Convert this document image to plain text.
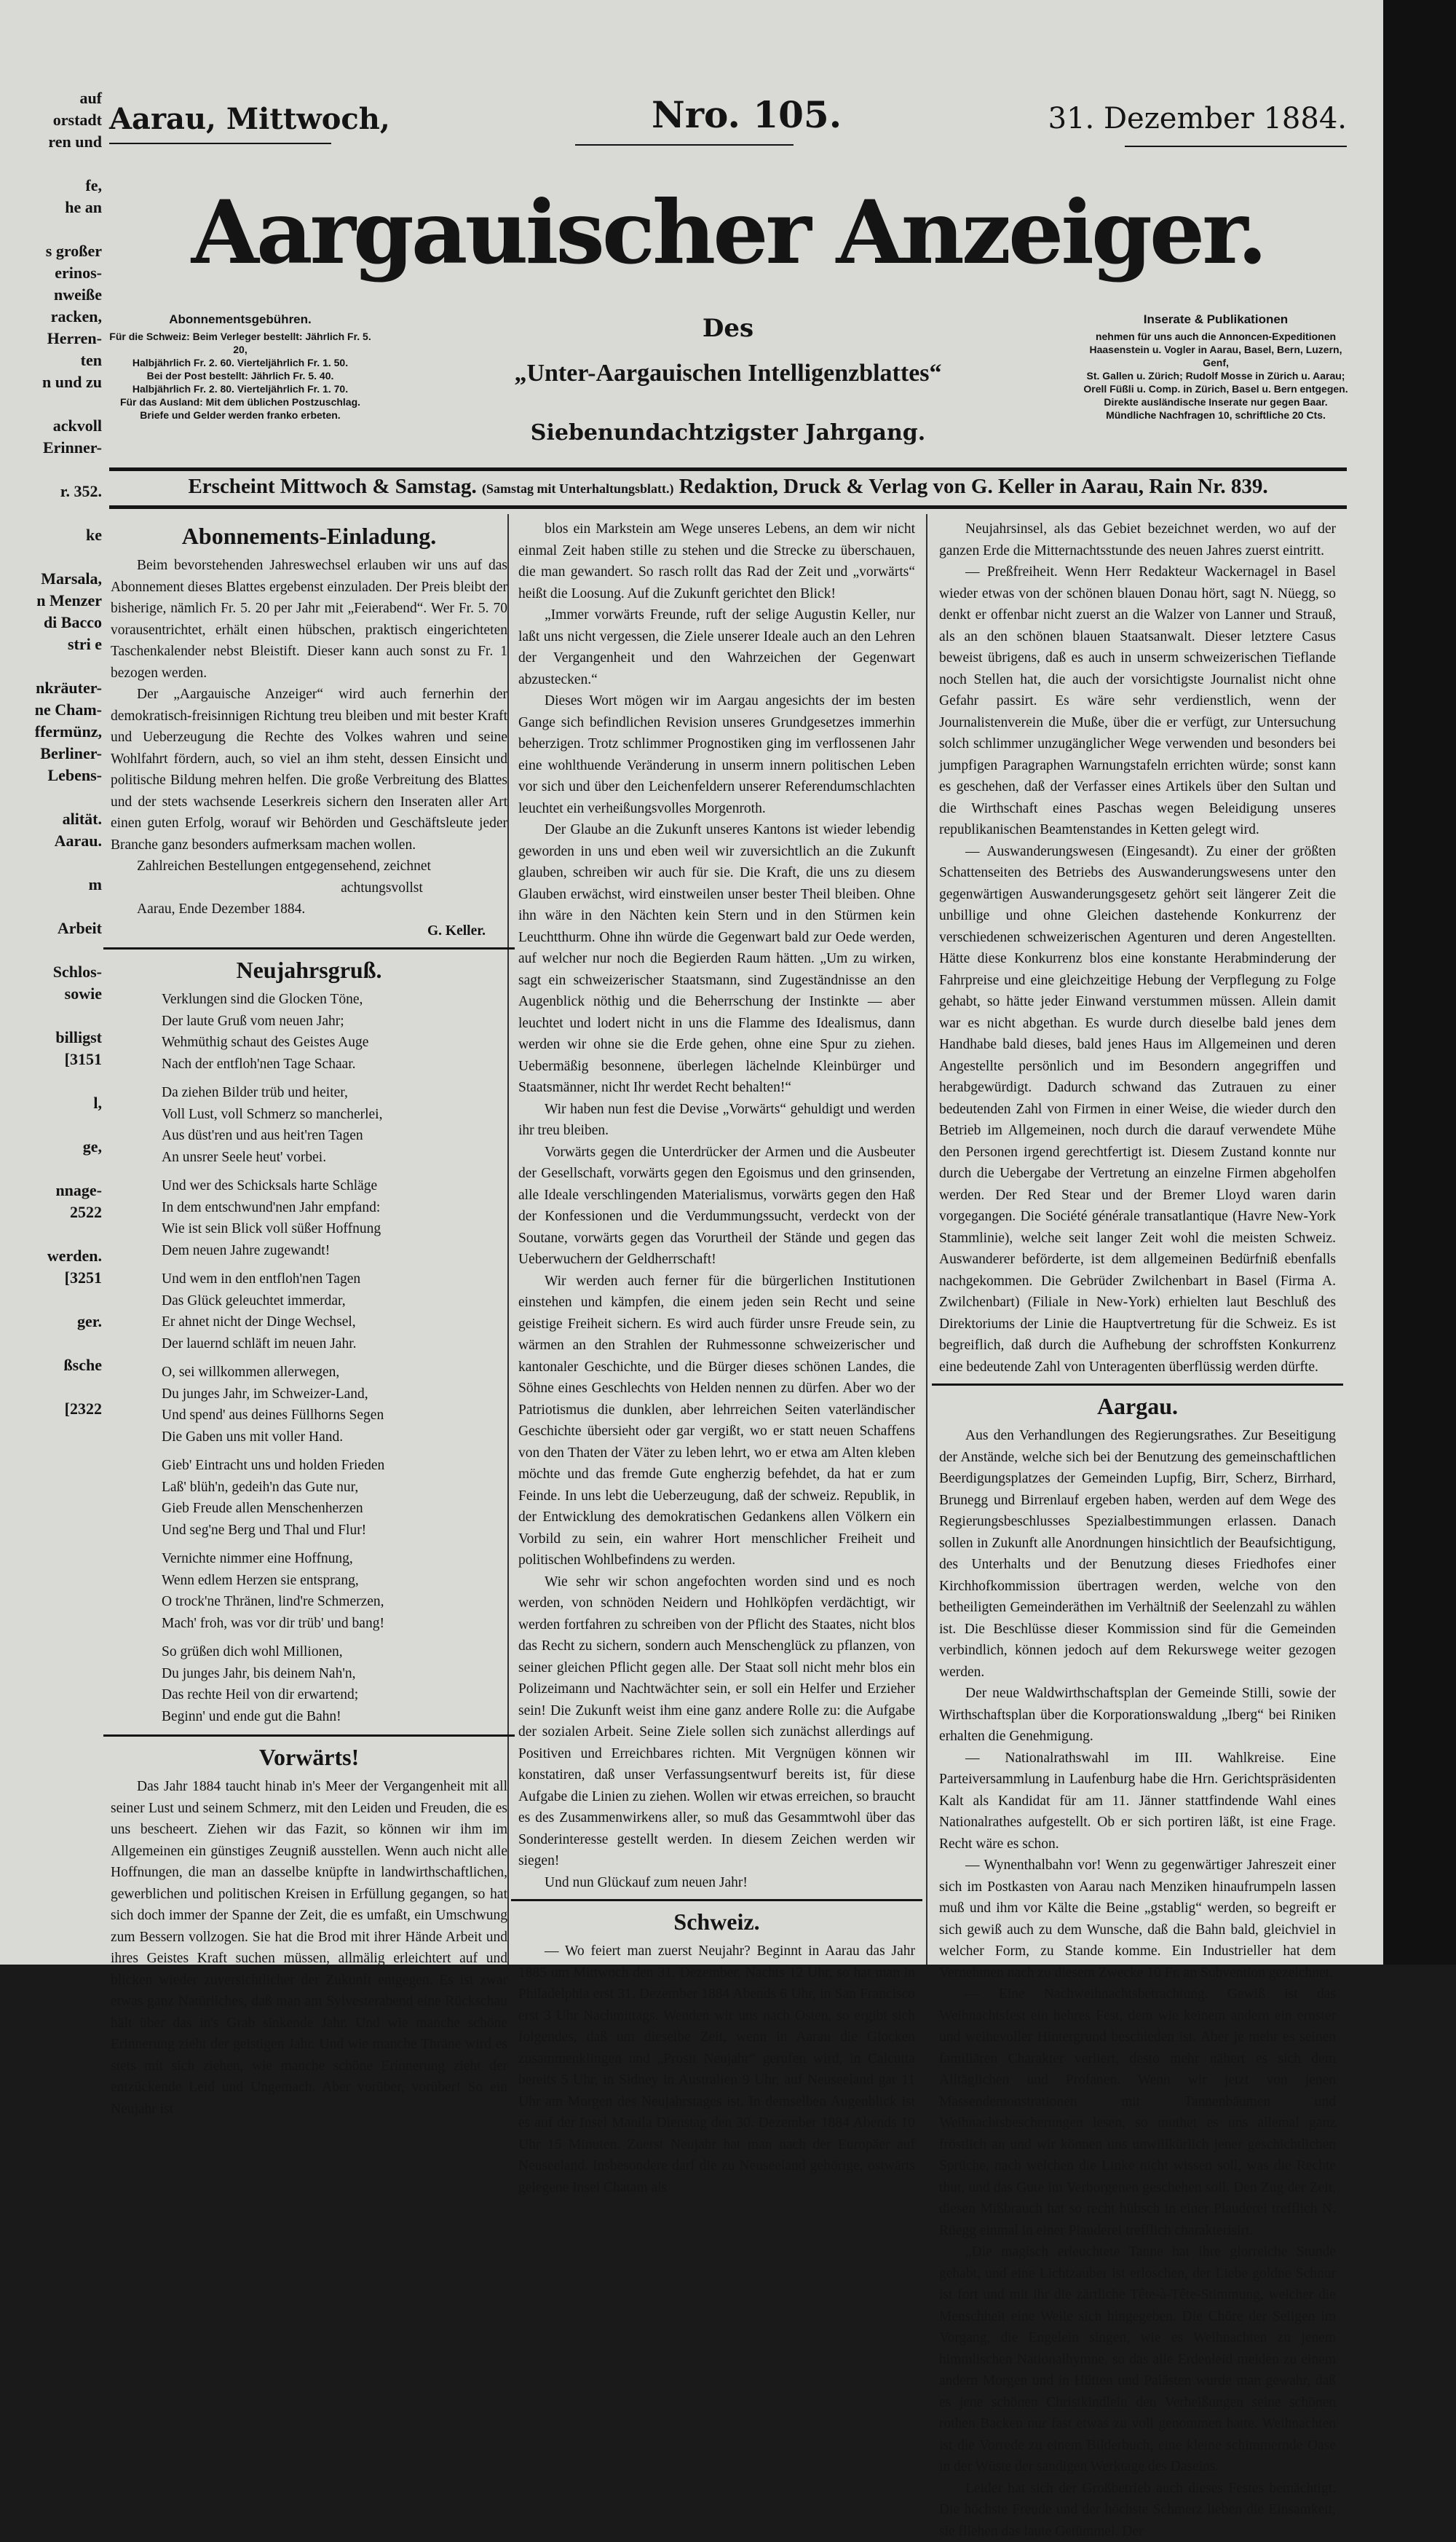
auf
orstadt
ren und
fe,
he an
s großer
erinos-
nweiße
racken,
Herren-
ten
n und zu
ackvoll
Erinner-
r. 352.
ke
Marsala,
n Menzer
di Bacco
stri e
nkräuter-
ne Cham-
ffermünz,
Berliner-
Lebens-
alität.
Aarau.
m
Arbeit
Schlos-
sowie
billigst
[3151
l,
ge,
nnage-
2522
werden.
[3251
ger.
ßsche
[2322
Aarau, Mittwoch,	Nro. 105.	31. Dezember 1884.
Aargauischer Anzeiger.
Abonnementsgebühren.
Für die Schweiz: Beim Verleger bestellt: Jährlich Fr. 5. 20,
Halbjährlich Fr. 2. 60. Vierteljährlich Fr. 1. 50.
Bei der Post bestellt: Jährlich Fr. 5. 40.
Halbjährlich Fr. 2. 80. Vierteljährlich Fr. 1. 70.
Für das Ausland: Mit dem üblichen Postzuschlag.
Briefe und Gelder werden franko erbeten.
Des
„Unter-Aargauischen Intelligenzblattes“
Siebenundachtzigster Jahrgang.
Inserate & Publikationen
nehmen für uns auch die Annoncen-Expeditionen Haasenstein u. Vogler in Aarau, Basel, Bern, Luzern, Genf,
St. Gallen u. Zürich; Rudolf Mosse in Zürich u. Aarau;
Orell Füßli u. Comp. in Zürich, Basel u. Bern entgegen.
Direkte ausländische Inserate nur gegen Baar.
Mündliche Nachfragen 10, schriftliche 20 Cts.
Erscheint Mittwoch & Samstag. (Samstag mit Unterhaltungsblatt.) Redaktion, Druck & Verlag von G. Keller in Aarau, Rain Nr. 839.
Abonnements-Einladung.

Beim bevorstehenden Jahreswechsel erlauben wir uns auf das Abonnement dieses Blattes ergebenst einzuladen. Der Preis bleibt der bisherige, nämlich Fr. 5. 20 per Jahr mit „Feierabend“. Wer Fr. 5. 70 vorausentrichtet, erhält einen hübschen, praktisch eingerichteten Taschenkalender nebst Bleistift. Dieser kann auch sonst zu Fr. 1 bezogen werden.

Der „Aargauische Anzeiger“ wird auch fernerhin der demokratisch-freisinnigen Richtung treu bleiben und mit bester Kraft und Ueberzeugung die Rechte des Volkes wahren und seine Wohlfahrt fördern, auch, so viel an ihm steht, dessen Einsicht und politische Bildung mehren helfen. Die große Verbreitung des Blattes und der stets wachsende Leserkreis sichern den Inseraten aller Art einen guten Erfolg, worauf wir Behörden und Geschäftsleute jeder Branche ganz besonders aufmerksam machen wollen.

Zahlreichen Bestellungen entgegensehend, zeichnet

achtungsvollst

Aarau, Ende Dezember 1884.

G. Keller.

Neujahrsgruß.

Verklungen sind die Glocken Töne,

Der laute Gruß vom neuen Jahr;

Wehmüthig schaut des Geistes Auge

Nach der entfloh'nen Tage Schaar.

Da ziehen Bilder trüb und heiter,

Voll Lust, voll Schmerz so mancherlei,

Aus düst'ren und aus heit'ren Tagen

An unsrer Seele heut' vorbei.

Und wer des Schicksals harte Schläge

In dem entschwund'nen Jahr empfand:

Wie ist sein Blick voll süßer Hoffnung

Dem neuen Jahre zugewandt!

Und wem in den entfloh'nen Tagen

Das Glück geleuchtet immerdar,

Er ahnet nicht der Dinge Wechsel,

Der lauernd schläft im neuen Jahr.

O, sei willkommen allerwegen,

Du junges Jahr, im Schweizer-Land,

Und spend' aus deines Füllhorns Segen

Die Gaben uns mit voller Hand.

Gieb' Eintracht uns und holden Frieden

Laß' blüh'n, gedeih'n das Gute nur,

Gieb Freude allen Menschenherzen

Und seg'ne Berg und Thal und Flur!

Vernichte nimmer eine Hoffnung,

Wenn edlem Herzen sie entsprang,

O trock'ne Thränen, lind're Schmerzen,

Mach' froh, was vor dir trüb' und bang!

So grüßen dich wohl Millionen,

Du junges Jahr, bis deinem Nah'n,

Das rechte Heil von dir erwartend;

Beginn' und ende gut die Bahn!

Vorwärts!

Das Jahr 1884 taucht hinab in's Meer der Vergangenheit mit all seiner Lust und seinem Schmerz, mit den Leiden und Freuden, die es uns bescheert. Ziehen wir das Fazit, so können wir ihm im Allgemeinen ein günstiges Zeugniß ausstellen. Wenn auch nicht alle Hoffnungen, die man an dasselbe knüpfte in landwirthschaftlichen, gewerblichen und politischen Kreisen in Erfüllung gegangen, so hat sich doch immer der Spanne der Zeit, die es umfaßt, ein Umschwung zum Bessern vollzogen. Sie hat die Brod mit ihrer Hände Arbeit und ihres Geistes Kraft suchen müssen, allmälig erleichtert auf und blicken wieder zuversichtlicher der Zukunft entgegen. Es ist zwar etwas ganz Natürliches, daß man am Sylvesterabend eine Rückschau hält über das in's Grab sinkende Jahr. Und wie manche schöne Erinnerung zieht der geistigen Jahr. Und wie manche Thräne wird es stets mit sich ziehen, wie manche schöne Erinnerung zieht der entzückende Leid und Ungemach. Aber vorüber, vorüber! So ein Neujahr ist

blos ein Markstein am Wege unseres Lebens, an dem wir nicht einmal Zeit haben stille zu stehen und die Strecke zu überschauen, die man gewandert. So rasch rollt das Rad der Zeit und „vorwärts“ heißt die Loosung. Auf die Zukunft gerichtet den Blick!

„Immer vorwärts Freunde, ruft der selige Augustin Keller, nur laßt uns nicht vergessen, die Ziele unserer Ideale auch an den Lehren der Vergangenheit und den Wahrzeichen der Gegenwart abzustecken.“

Dieses Wort mögen wir im Aargau angesichts der im besten Gange sich befindlichen Revision unseres Grundgesetzes immerhin beherzigen. Trotz schlimmer Prognostiken ging im verflossenen Jahr eine wohlthuende Veränderung in unserm innern politischen Leben vor sich und über den Leichenfeldern unserer Referendumschlachten leuchtet ein verheißungsvolles Morgenroth.

Der Glaube an die Zukunft unseres Kantons ist wieder lebendig geworden in uns und eben weil wir zuversichtlich an die Zukunft glauben, schreiben wir auch für sie. Die Kraft, die uns zu diesem Glauben erwächst, wird einstweilen unser bester Theil bleiben. Ohne ihn wäre in den Nächten kein Stern und in den Stürmen kein Leuchtthurm. Ohne ihn würde die Gegenwart bald zur Oede werden, auf welcher nur noch die Begierden Raum hätten. „Um zu wirken, sagt ein schweizerischer Staatsmann, sind Zugeständnisse an den Augenblick nöthig und die Beherrschung der Instinkte — aber leuchtet und lodert nicht in uns die Flamme des Idealismus, dann werden wir ohne sie die Erde gehen, ohne eine Spur zu ziehen. Uebermäßig besonnene, überlegen lächelnde Kleinbürger und Staatsmänner, nicht Ihr werdet Recht behalten!“

Wir haben nun fest die Devise „Vorwärts“ gehuldigt und werden ihr treu bleiben.

Vorwärts gegen die Unterdrücker der Armen und die Ausbeuter der Gesellschaft, vorwärts gegen den Egoismus und den grinsenden, alle Ideale verschlingenden Materialismus, vorwärts gegen den Haß der Konfessionen und die Verdummungssucht, verdeckt von der Soutane, vorwärts gegen das Vorurtheil der Stände und gegen das Ueberwuchern der Geldherrschaft!

Wir werden auch ferner für die bürgerlichen Institutionen einstehen und kämpfen, die einem jeden sein Recht und seine geistige Freiheit sichern. Es wird auch fürder unsre Freude sein, zu wärmen an den Strahlen der Ruhmessonne schweizerischer und kantonaler Geschichte, und die Bürger dieses schönen Landes, die Söhne eines Geschlechts von Helden nennen zu dürfen. Aber wo der Patriotismus die dunklen, aber lehrreichen Seiten vaterländischer Geschichte übersieht oder gar vergißt, wo er statt neuen Schaffens von den Thaten der Väter zu leben lehrt, wo er etwa am Alten kleben möchte und das fremde Gute engherzig befehdet, da hat er zum Feinde. In uns lebt die Ueberzeugung, daß der schweiz. Republik, in der Entwicklung des demokratischen Gedankens allen Völkern ein Vorbild zu sein, ein wahrer Hort menschlicher Freiheit und politischen Wohlbefindens zu werden.

Wie sehr wir schon angefochten worden sind und es noch werden, von schnöden Neidern und Hohlköpfen verdächtigt, wir werden fortfahren zu schreiben von der Pflicht des Staates, nicht blos das Recht zu sichern, sondern auch Menschenglück zu pflanzen, von seiner gleichen Pflicht gegen alle. Der Staat soll nicht mehr blos ein Polizeimann und Nachtwächter sein, er soll ein Helfer und Erzieher sein! Die Zukunft weist ihm eine ganz andere Rolle zu: die Aufgabe der sozialen Arbeit. Seine Ziele sollen sich zunächst allerdings auf Positiven und Erreichbares richten. Mit Vergnügen können wir konstatiren, daß unser Verfassungsentwurf bereits ist, für diese Aufgabe die Linien zu ziehen. Wollen wir etwas erreichen, so braucht es des Zusammenwirkens aller, so muß das Gesammtwohl über das Sonderinteresse gestellt werden. In diesem Zeichen werden wir siegen!

Und nun Glückauf zum neuen Jahr!

Schweiz.

— Wo feiert man zuerst Neujahr? Beginnt in Aarau das Jahr 1885 um Mittwoch den 31. Dezember, Nachts 12 Uhr, so hat man in Philadelphia erst 31. Dezember 1884 Abends 6 Uhr, in San Francisco erst 3 Uhr Nachmittags. Wenden wir uns nach Osten, so ergibt sich folgendes, daß um dieselbe Zeit, wenn in Aarau die Glocken zusammenklingen und „Prosit Neujahr“ gerufen wird, in Calcutta bereits 5 Uhr, in Sidney in Australien 9 Uhr, auf Neuseeland gar 11 Uhr am Morgen des Neujahrstages ist. In demselben Augenblick ist es auf der Insel Manila Dienstag den 30. Dezember 1884 Abends 10 Uhr 15 Minuten. Zuerst Neujahr hat man nach der Europäer auf Neuseeland. Insbesondere darf die zu Neuseeland gehörige, ostwärts gelegene Insel Chatam als

Neujahrsinsel, als das Gebiet bezeichnet werden, wo auf der ganzen Erde die Mitternachtsstunde des neuen Jahres zuerst eintritt.

— Preßfreiheit. Wenn Herr Redakteur Wackernagel in Basel wieder etwas von der schönen blauen Donau hört, sagt N. Nüegg, so denkt er offenbar nicht zuerst an die Walzer von Lanner und Strauß, als an den schönen blauen Staatsanwalt. Dieser letztere Casus beweist übrigens, daß es auch in unserm schweizerischen Tieflande noch Stellen hat, die auch der vorsichtigste Journalist nicht ohne Gefahr passirt. Es wäre sehr verdienstlich, wenn der Journalistenverein die Muße, über die er verfügt, zur Untersuchung solch schlimmer unzugänglicher Wege verwenden und besonders bei jumpfigen Paragraphen Warnungstafeln errichten würde; sonst kann es geschehen, daß der Verfasser eines Artikels über den Sultan und die Wirthschaft eines Paschas wegen Beleidigung unseres republikanischen Beamtenstandes in Ketten gelegt wird.

— Auswanderungswesen (Eingesandt). Zu einer der größten Schattenseiten des Betriebs des Auswanderungswesens unter den gegenwärtigen Auswanderungsgesetz gehört seit längerer Zeit die unbillige und ohne Gleichen dastehende Konkurrenz der verschiedenen schweizerischen Agenturen und deren Angestellten. Hätte diese Konkurrenz blos eine konstante Herabminderung der Fahrpreise und eine gleichzeitige Hebung der Verpflegung zu Folge gehabt, so hätte jeder Einwand verstummen müssen. Allein damit war es nicht abgethan. Es wurde durch dieselbe bald jenes dem Handhabe bald dieses, bald jenes Haus im Allgemeinen und deren Angestellte persönlich und im Besondern angegriffen und herabgewürdigt. Dadurch schwand das Zutrauen zu einer bedeutenden Zahl von Firmen in einer Weise, die wieder durch den Betrieb im Allgemeinen, noch durch die darauf verwendete Mühe den Personen irgend gerechtfertigt ist. Diesem Zustand konnte nur durch die Uebergabe der Vertretung an einzelne Firmen abgeholfen werden. Der Red Stear und der Bremer Lloyd waren darin vorgegangen. Die Société générale transatlantique (Havre New-York Stammlinie), welche seit langer Zeit wohl die meisten Schweiz. Auswanderer beförderte, ist dem allgemeinen Bedürfniß ebenfalls nachgekommen. Die Gebrüder Zwilchenbart in Basel (Firma A. Zwilchenbart) (Filiale in New-York) erhielten laut Beschluß des Direktoriums der Linie die Hauptvertretung für die Schweiz. Es ist begreiflich, daß durch die Aufhebung der schroffsten Konkurrenz eine bedeutende Zahl von Unteragenten überflüssig werden dürfte.

Aargau.

Aus den Verhandlungen des Regierungsrathes. Zur Beseitigung der Anstände, welche sich bei der Benutzung des gemeinschaftlichen Beerdigungsplatzes der Gemeinden Lupfig, Birr, Scherz, Birrhard, Brunegg und Birrenlauf ergeben haben, werden auf dem Wege des Regierungsbeschlusses Spezialbestimmungen erlassen. Danach sollen in Zukunft alle Anordnungen hinsichtlich der Beaufsichtigung, des Unterhalts und der Benutzung dieses Friedhofes einer Kirchhofkommission übertragen werden, welche von den betheiligten Gemeinderäthen im Verhältniß der Seelenzahl zu wählen ist. Die Beschlüsse dieser Kommission sind für die Gemeinden verbindlich, können jedoch auf dem Rekurswege weiter gezogen werden.

Der neue Waldwirthschaftsplan der Gemeinde Stilli, sowie der Wirthschaftsplan über die Korporationswaldung „Iberg“ bei Riniken erhalten die Genehmigung.

— Nationalrathswahl im III. Wahlkreise. Eine Parteiversammlung in Laufenburg habe die Hrn. Gerichtspräsidenten Kalt als Kandidat für am 11. Jänner stattfindende Wahl eines Nationalrathes aufgestellt. Ob er sich portiren läßt, ist eine Frage. Recht wäre es schon.

— Wynenthalbahn vor! Wenn zu gegenwärtiger Jahreszeit einer sich im Postkasten von Aarau nach Menziken hinaufrumpeln lassen muß und ihm vor Kälte die Beine „gstablig“ werden, so begreift er sich gewiß auch zu dem Wunsche, daß die Bahn bald, gleichviel in welcher Form, zu Stande komme. Ein Industrieller hat dem Vernehmen nach zu diesem Zwecke 10 Fr. an Subvention gezeichnet.

— Eine Nachweihnachtsbetrachtung. Gewiß ist das Weihnachtsfest ein hehres Fest, dem wie keinem andern ein ernster und weihevoller Hintergrund beschieden ist. Aber je mehr es seinen familiären Charakter verliert, desto mehr nähert es sich dem Alltäglichen und Profanen. Wenn wir jetzt von jenen Massendemonstrationen mit Tannenbäumen und Weihnachtsbescherungen lesen, so muthet es uns allemal ganz fröstlich an und wir können uns unwillkürlich jener geschichtlichen Sprüche, nach welchen die Linke nicht wissen soll, was die Rechte thut, und das Gute im Verborgenen geschehen soll. Den Zug der Zeit, diesen Mißbrauch hat so recht hübsch in einer Plauderei trefflich N. Rüegg einmal in einer Plauderei trefflich charakterisirt.

„Die magisch erleuchtete Tanne hat ihre glorreiche Stunde gehabt, und eine Lichtzauber ist erloschen, der Liebe goldne Schnur ist fort und mit ihr die zärtliche Tête-à-Tête-Stimmung, welcher die Menschheit eine Weile sich hingegeben. Die Chöre der Seligen im Vorgang, die Engelein singen, wie es Weihnachten zu jenem himmlischen Nationalhymne, so das alle Erdenleid meiden zu einem andern Morgen und in Hütten und Palästen wurde man gewahr, daß es jene schönen Christkindlein den Verheißungen seine schönen rothen Backen nur fast etwas zu voll genommen hatte. Weihnachten ist die Vorrede zu einem Bilderbuch, eine kleine schimmernde Oase in der Wüste der sandigen Werktage des Daseins.

Leider hat sich der Großbetrieb auch dieses Festes bemächtigt. Die höchste Freude und der höchste Schmerz lieben die Einsamkeit, sie fliehen das laute Getümmel. Der
